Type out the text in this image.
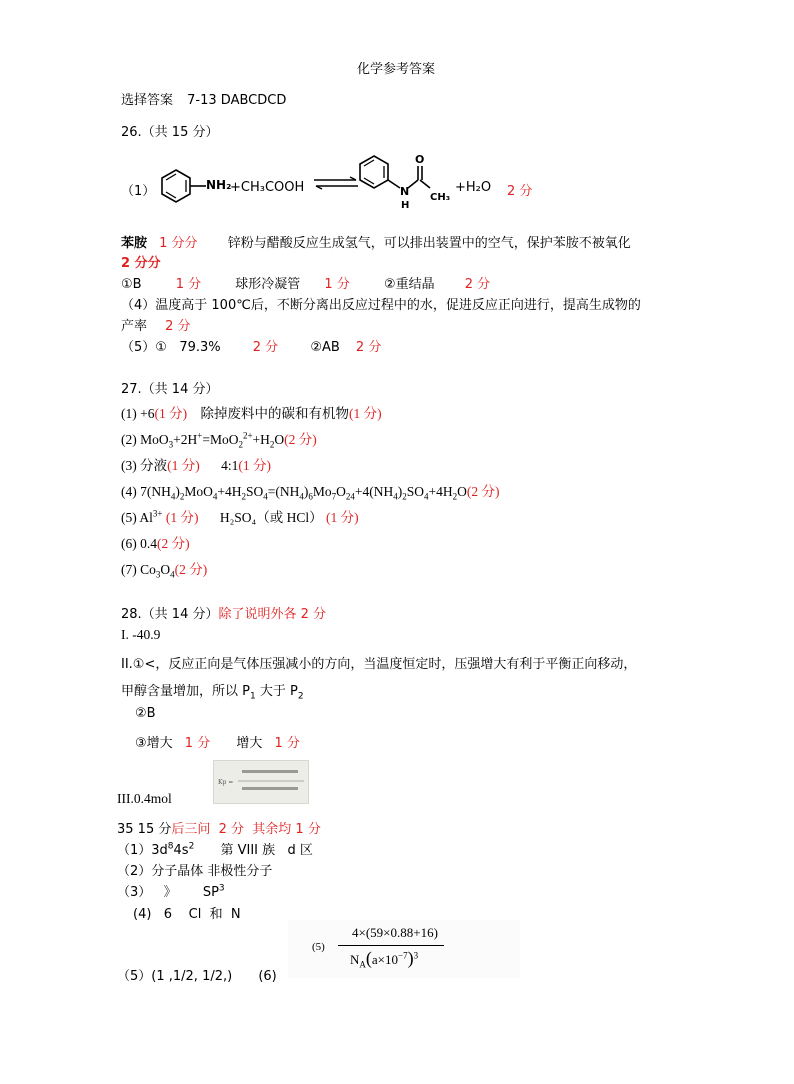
化学参考答案
选择答案 7-13 DABCDCD
26.（共 15 分）
（1）	NH₂
+CH₃COOH ⇌
N
H
O
CH₃
+H₂O 2 分
苯胺 1 分分 锌粉与醋酸反应生成氢气，可以排出装置中的空气，保护苯胺不被氧化
2 分分
①B	1 分	球形冷凝管 1 分	②重结晶 2 分
（4）温度高于 100℃后，不断分离出反应过程中的水，促进反应正向进行，提高生成物的
产率 2 分
（5）①   79.3% 2 分 ②AB 2 分
27.（共 14 分）
(1) +6(1 分) 除掉废料中的碳和有机物(1 分)
(2) $MoO_3+2H^+=MoO_2^{2+}+H_2O(2$ 分)
(3) 分液(1 分) 4:1(1 分)
(4) $7(NH_4)_2MoO_4+4H_2SO_4=(NH_4)_6Mo_7O_{24}+4(NH_4)_2SO_4+4H_2O(2$ 分)
(5) $Al^{3+}$ (1 分) H₂SO₄（或 HCl） (1 分)
(6) 0.4(2 分)
(7) $Co_3O_4(2$ 分)
28.（共 14 分）除了说明外各 2 分
I. -40.9
II.①<，反应正向是气体压强减小的方向，当温度恒定时，压强增大有利于平衡正向移动，
甲醇含量增加，所以 $P_1$ 大于 $P_2$
②B
③增大 1 分 增大 1 分
Kp =
III.0.4mol
35 15 分后三问  2 分  其余均 1 分
$(1)3d^84s^2$ 第 VIII 族   d 区
（2）分子晶体 非极性分子
（3）   》 $SP^3$
(4)   6    Cl  和  N
(5)
4×(59×0.88+16)
$N_A(a\times 10^{-7})^3$
（5）(1 ,1/2, 1/2,) (6)
